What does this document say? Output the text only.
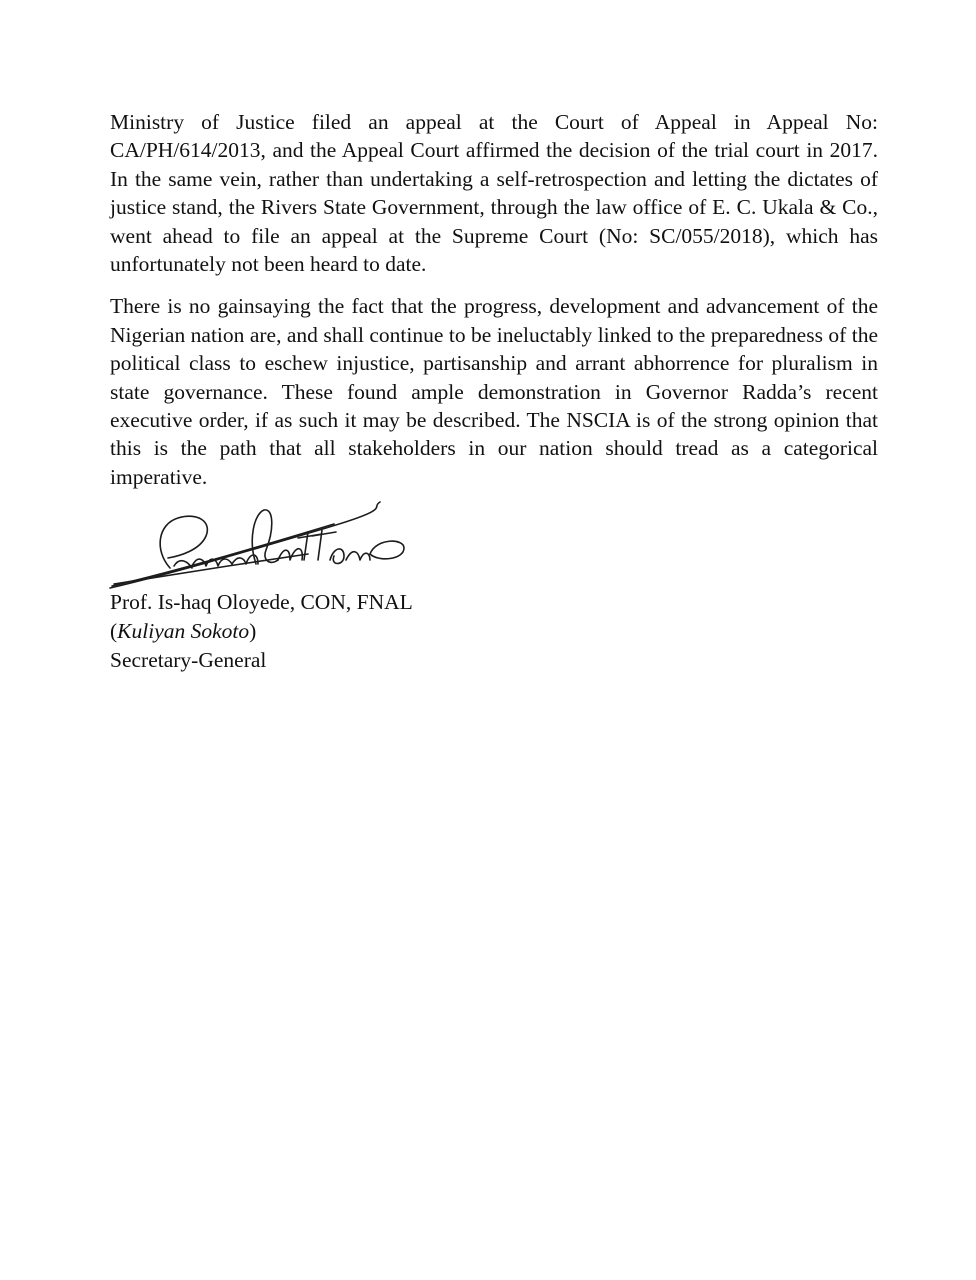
Ministry of Justice filed an appeal at the Court of Appeal in Appeal No: CA/PH/614/2013, and the Appeal Court affirmed the decision of the trial court in 2017. In the same vein, rather than undertaking a self-retrospection and letting the dictates of justice stand, the Rivers State Government, through the law office of E. C. Ukala & Co., went ahead to file an appeal at the Supreme Court (No: SC/055/2018), which has unfortunately not been heard to date.

There is no gainsaying the fact that the progress, development and advancement of the Nigerian nation are, and shall continue to be ineluctably linked to the preparedness of the political class to eschew injustice, partisanship and arrant abhorrence for pluralism in state governance. These found ample demonstration in Governor Radda’s recent executive order, if as such it may be described. The NSCIA is of the strong opinion that this is the path that all stakeholders in our nation should tread as a categorical imperative.

Prof. Is-haq Oloyede, CON, FNAL
(Kuliyan Sokoto)
Secretary-General
